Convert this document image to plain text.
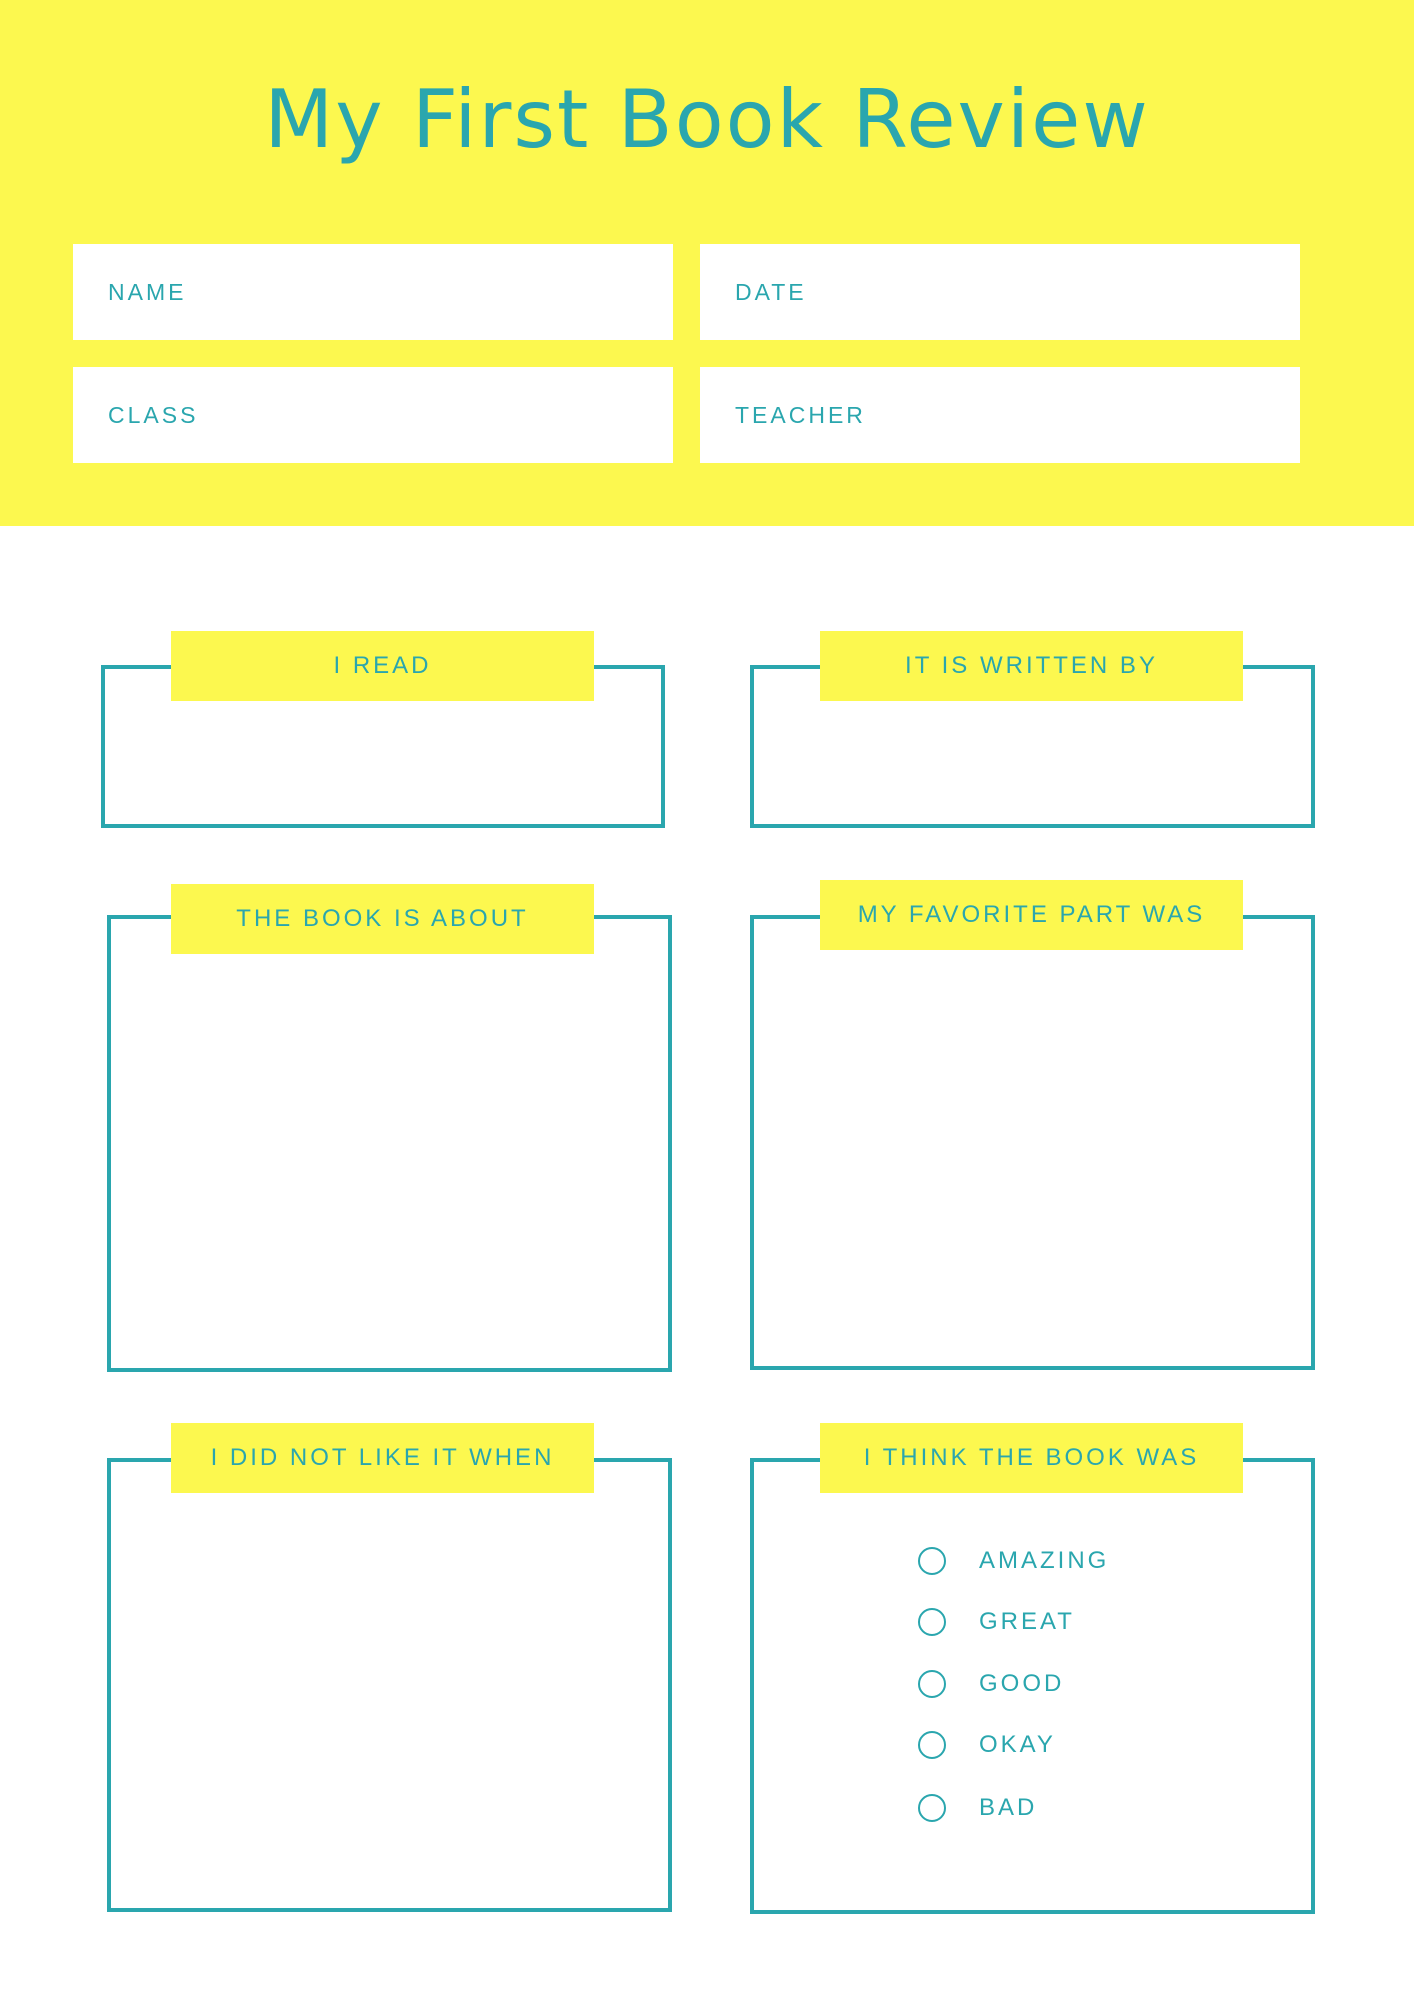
My First Book Review
NAME	DATE
CLASS	TEACHER
I READ	IT IS WRITTEN BY
THE BOOK IS ABOUT	MY FAVORITE PART WAS
I DID NOT LIKE IT WHEN	I THINK THE BOOK WAS
AMAZING
GREAT
GOOD
OKAY
BAD
